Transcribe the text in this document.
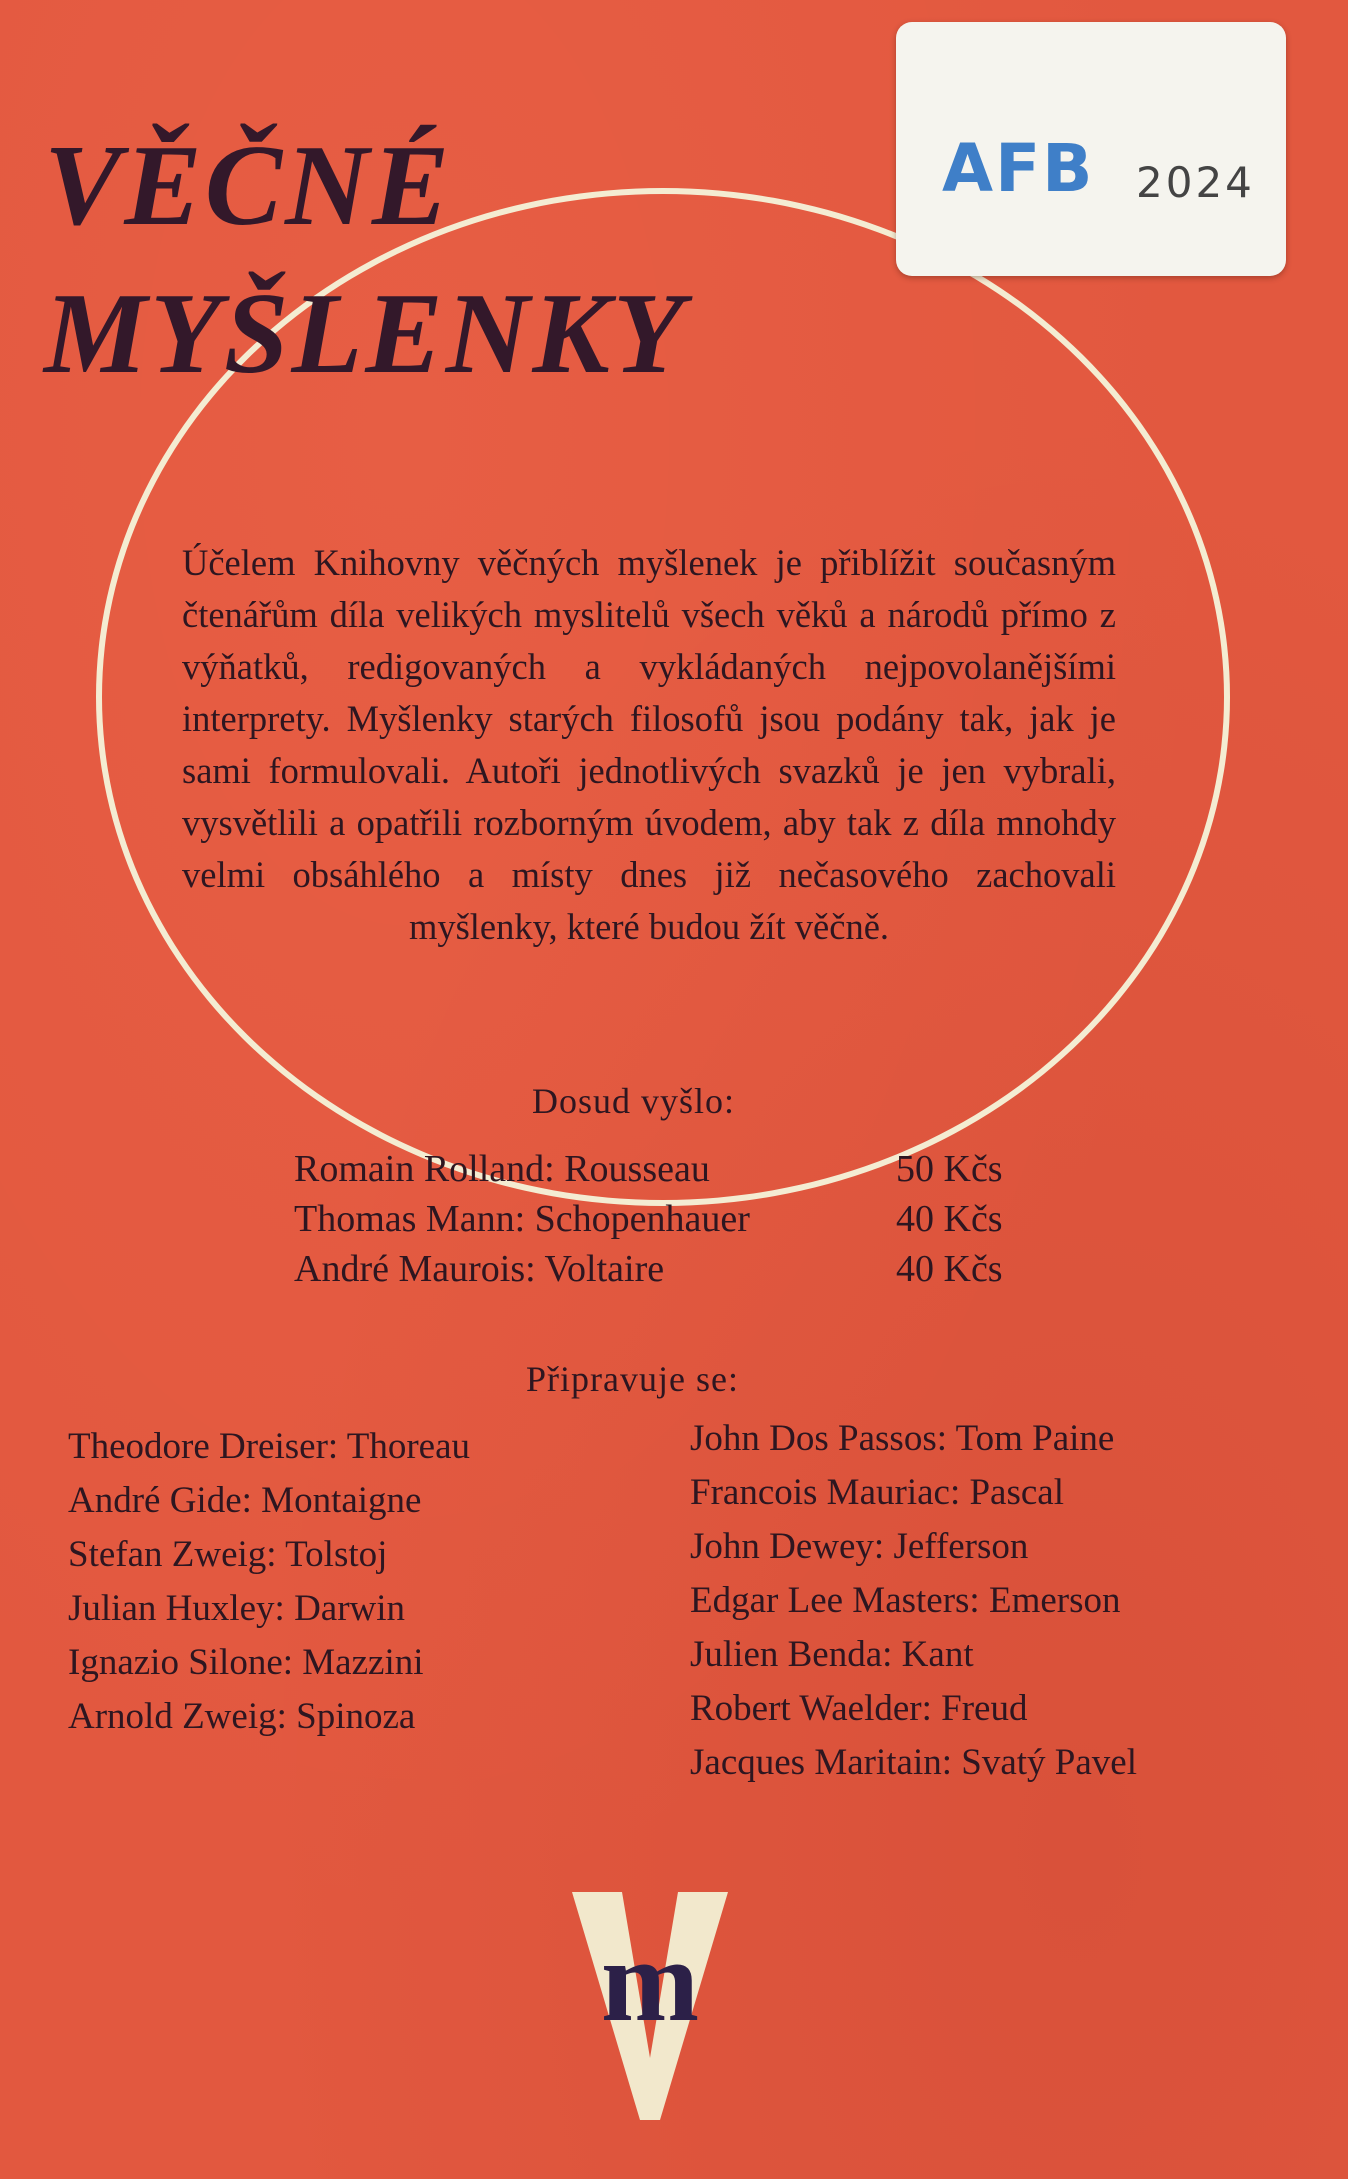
VĚČNÉ
MYŠLENKY
AFB 2024

Účelem Knihovny věčných myšlenek je přiblížit současným čtenářům díla velikých myslitelů všech věků a národů přímo z výňatků, redigovaných a vykládaných nejpovolanějšími interprety. Myšlenky starých filosofů jsou podány tak, jak je sami formulovali. Autoři jednotlivých svazků je jen vybrali, vysvětlili a opatřili rozborným úvodem, aby tak z díla mnohdy velmi obsáhlého a místy dnes již nečasového zachovali myšlenky, které budou žít věčně.

Dosud vyšlo:
Romain Rolland: Rousseau	50 Kčs
Thomas Mann: Schopenhauer	40 Kčs
André Maurois: Voltaire	40 Kčs
Připravuje se:
Theodore Dreiser: Thoreau
André Gide: Montaigne
Stefan Zweig: Tolstoj
Julian Huxley: Darwin
Ignazio Silone: Mazzini
Arnold Zweig: Spinoza
John Dos Passos: Tom Paine
Francois Mauriac: Pascal
John Dewey: Jefferson
Edgar Lee Masters: Emerson
Julien Benda: Kant
Robert Waelder: Freud
Jacques Maritain: Svatý Pavel
m
